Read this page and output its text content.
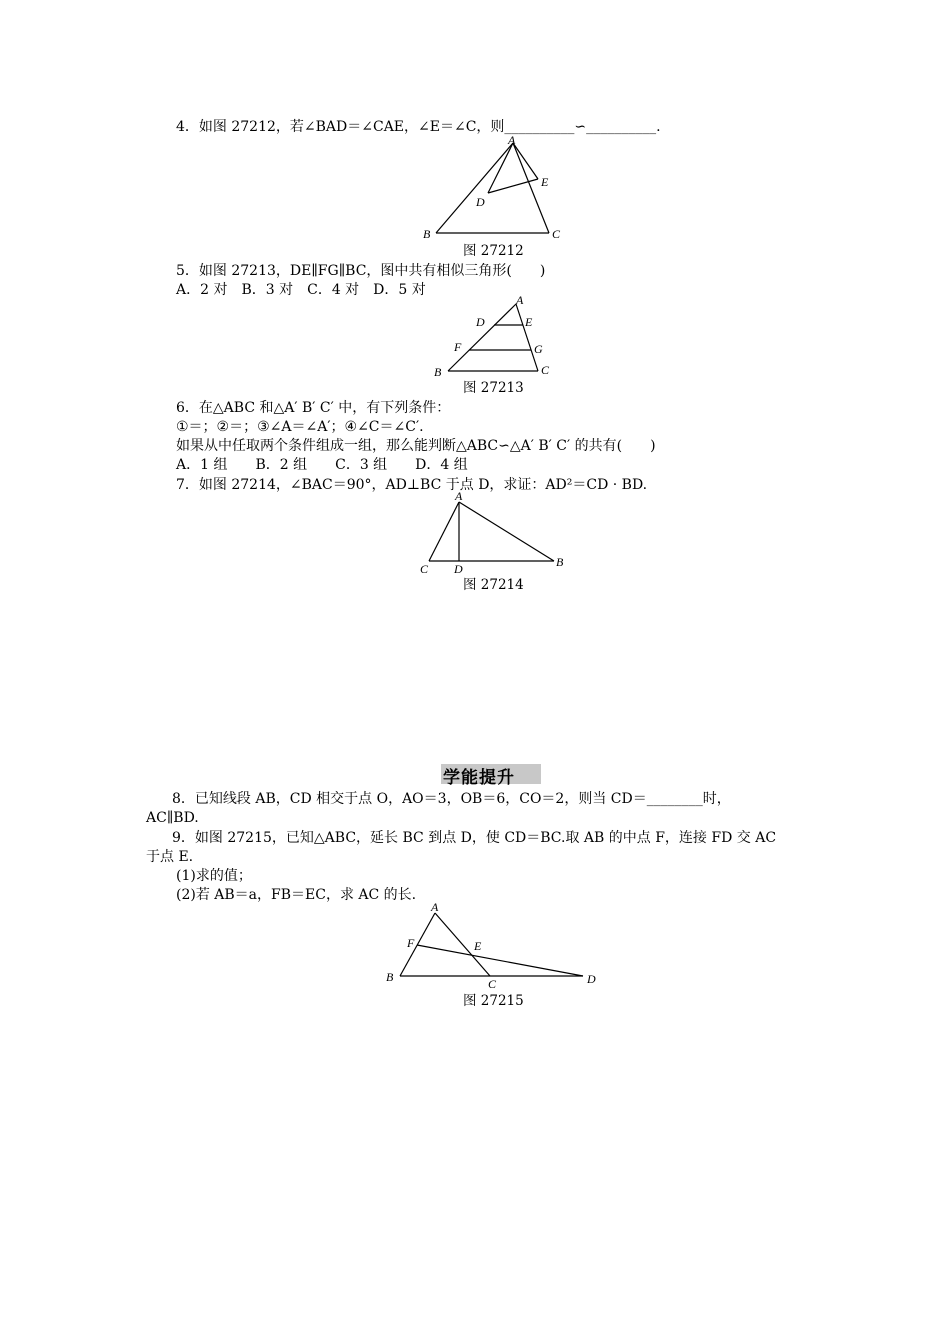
4．如图 27212，若∠BAD＝∠CAE，∠E＝∠C，则__________∽__________.
A
E
D
B	C
图 27212
5．如图 27213，DE∥FG∥BC，图中共有相似三角形(　　)
A．2 对　B．3 对　C．4 对　D．5 对
A
D	E
F	G
B	C
图 27213
6．在△ABC 和△A′ B′ C′ 中，有下列条件：
①＝；②＝；③∠A＝∠A′；④∠C＝∠C′.
如果从中任取两个条件组成一组，那么能判断△ABC∽△A′ B′ C′ 的共有(　　)
A．1 组　　B．2 组　　C．3 组　　D．4 组
7．如图 27214，∠BAC＝90°，AD⊥BC 于点 D，求证：AD²＝CD · BD.
A
C D	B
图 27214
学能提升
8．已知线段 AB，CD 相交于点 O，AO＝3，OB＝6，CO＝2，则当 CD＝________时，
AC∥BD.
9．如图 27215，已知△ABC，延长 BC 到点 D，使 CD＝BC.取 AB 的中点 F，连接 FD 交 AC
于点 E.
(1)求的值；
(2)若 AB＝a，FB＝EC，求 AC 的长.
A
F	E
B	C	D
图 27215
